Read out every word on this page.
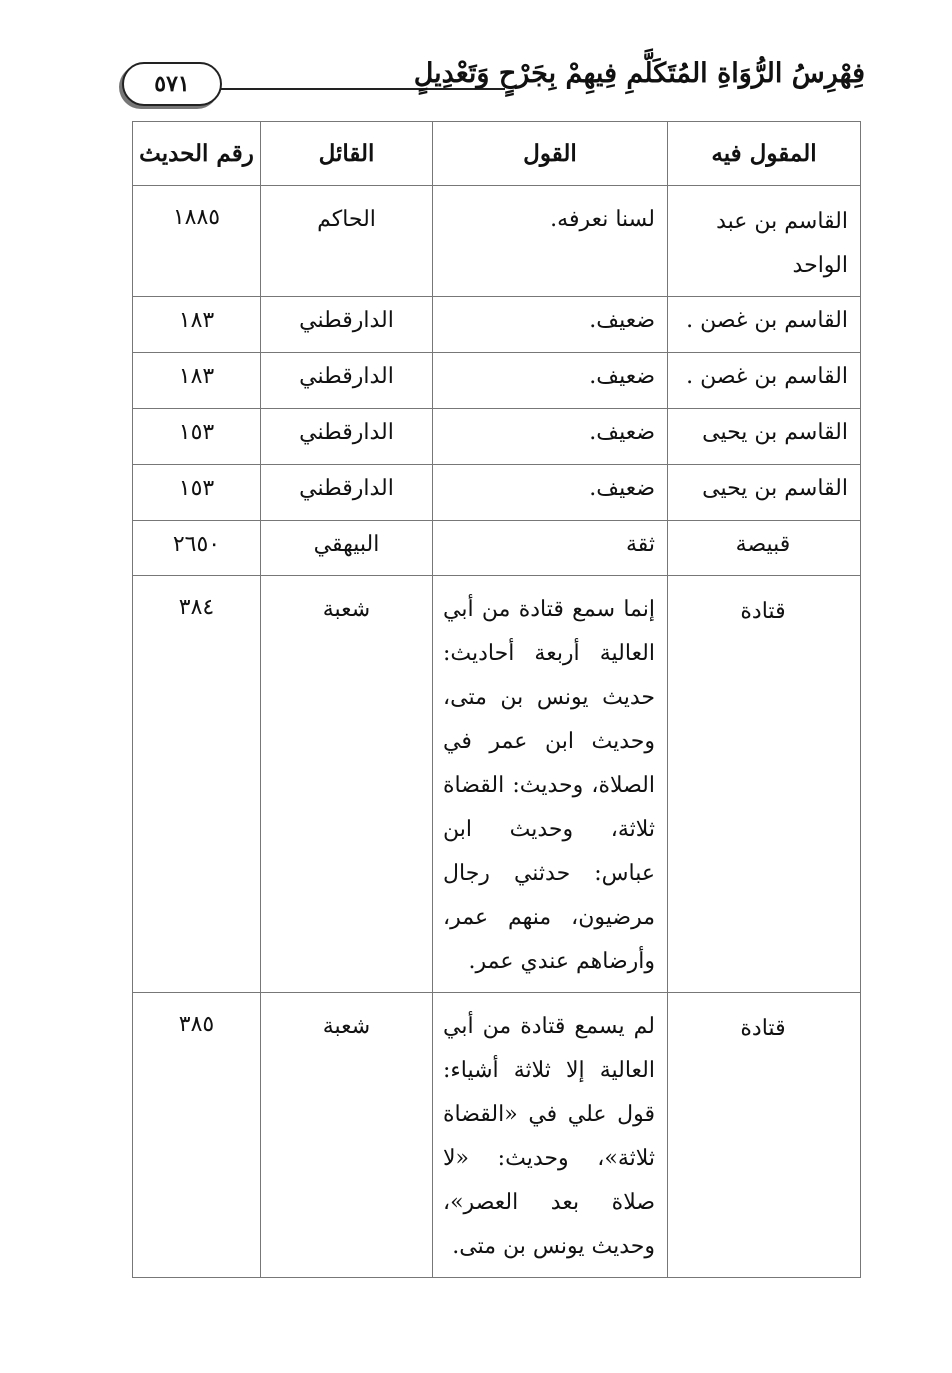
٥٧١	فِهْرِسُ الرُّوَاةِ المُتَكَلَّمِ فِيهِمْ بِجَرْحٍ وَتَعْدِيلٍ
المقول فيه	القول	القائل	رقم الحديث
القاسم بن عبد الواحد	لسنا نعرفه.	الحاكم	١٨٨٥
القاسم بن غصن .	ضعيف.	الدارقطني	١٨٣
القاسم بن غصن .	ضعيف.	الدارقطني	١٨٣
القاسم بن يحيى	ضعيف.	الدارقطني	١٥٣
القاسم بن يحيى	ضعيف.	الدارقطني	١٥٣
قبيصة	ثقة	البيهقي	٢٦٥٠
قتادة	إنما سمع قتادة من أبي العالية أربعة أحاديث: حديث يونس بن متى، وحديث ابن عمر في الصلاة، وحديث: القضاة ثلاثة، وحديث ابن عباس: حدثني رجال مرضيون، منهم عمر، وأرضاهم عندي عمر.	شعبة	٣٨٤
قتادة	لم يسمع قتادة من أبي العالية إلا ثلاثة أشياء: قول علي في «القضاة ثلاثة»، وحديث: «لا صلاة بعد العصر»، وحديث يونس بن متى.	شعبة	٣٨٥
